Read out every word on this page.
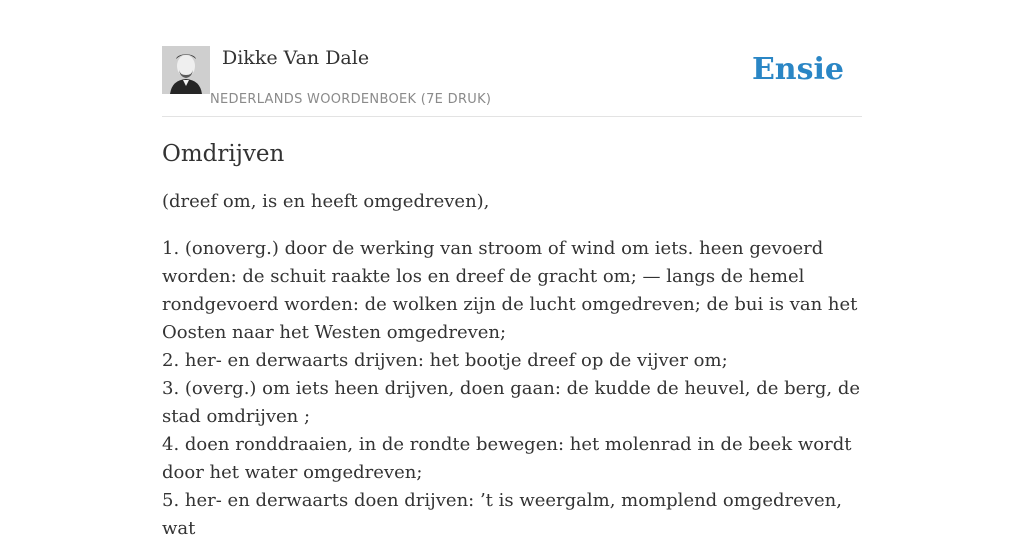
Dikke Van Dale
NEDERLANDS WOORDENBOEK (7E DRUK)
Ensie
Omdrijven

(dreef om, is en heeft omgedreven),

1. (onoverg.) door de werking van stroom of wind om iets. heen gevoerd worden: de schuit raakte los en dreef de gracht om; — langs de hemel rondgevoerd worden: de wolken zijn de lucht omgedreven; de bui is van het Oosten naar het Westen omgedreven;
2. her- en derwaarts drijven: het bootje dreef op de vijver om;
3. (overg.) om iets heen drijven, doen gaan: de kudde de heuvel, de berg, de stad omdrijven ;
4. doen ronddraaien, in de rondte bewegen: het molenrad in de beek wordt door het water omgedreven;
5. her- en derwaarts doen drijven: ’t is weergalm, momplend omgedreven, wat
